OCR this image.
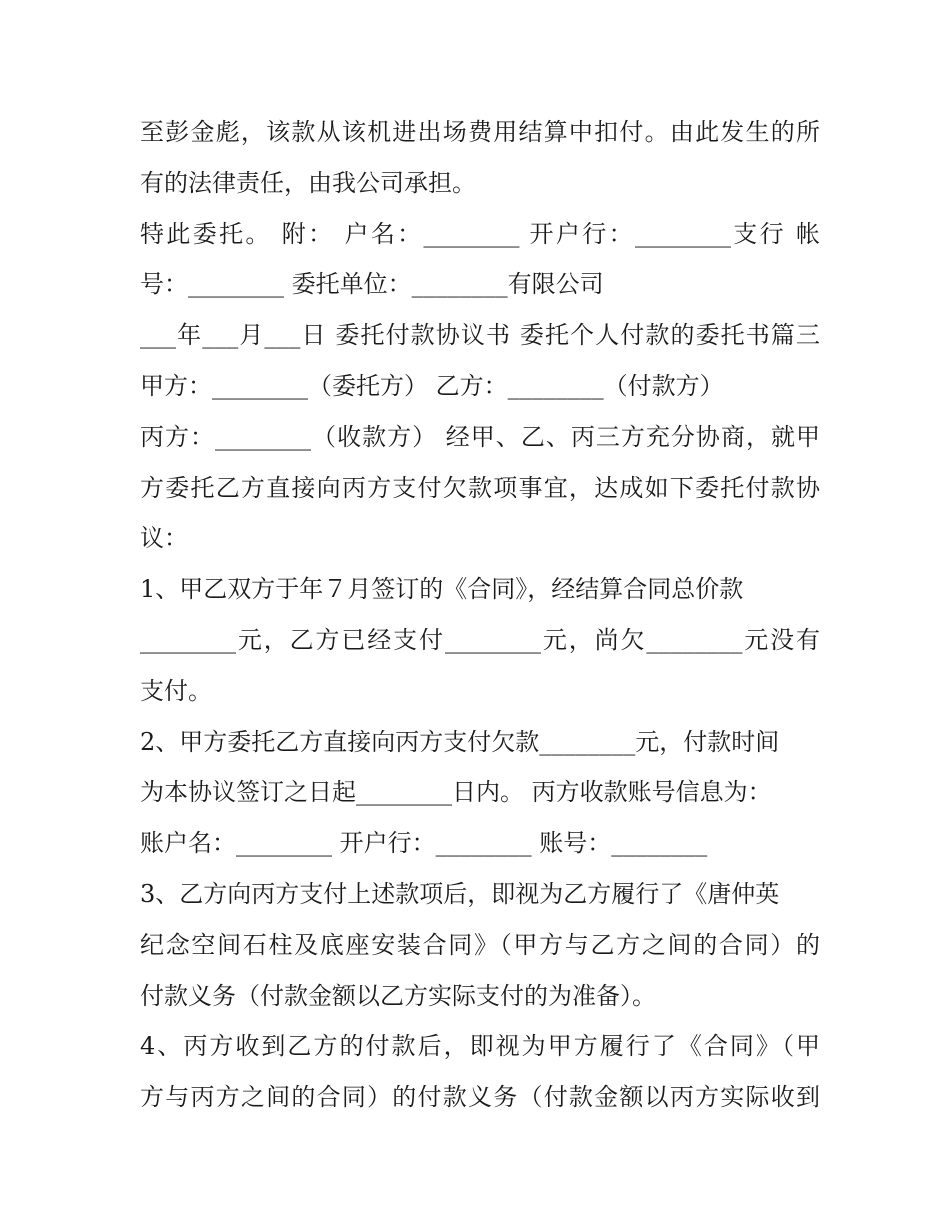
至彭金彪，该款从该机进出场费用结算中扣付。由此发生的所
有的法律责任，由我公司承担。
特此委托。 附： 户名：________ 开户行：________支行 帐
号：________ 委托单位：________有限公司
___年___月___日 委托付款协议书 委托个人付款的委托书篇三
甲方：________（委托方） 乙方：________（付款方）
丙方：________（收款方） 经甲、乙、丙三方充分协商，就甲
方委托乙方直接向丙方支付欠款项事宜，达成如下委托付款协
议：
1、甲乙双方于年７月签订的《合同》，经结算合同总价款
________元，乙方已经支付________元，尚欠________元没有
支付。
2、甲方委托乙方直接向丙方支付欠款________元，付款时间
为本协议签订之日起________日内。 丙方收款账号信息为：
账户名：________ 开户行：________ 账号：________
3、乙方向丙方支付上述款项后，即视为乙方履行了《唐仲英
纪念空间石柱及底座安装合同》（甲方与乙方之间的合同）的
付款义务（付款金额以乙方实际支付的为准备）。
4、丙方收到乙方的付款后，即视为甲方履行了《合同》（甲
方与丙方之间的合同）的付款义务（付款金额以丙方实际收到
